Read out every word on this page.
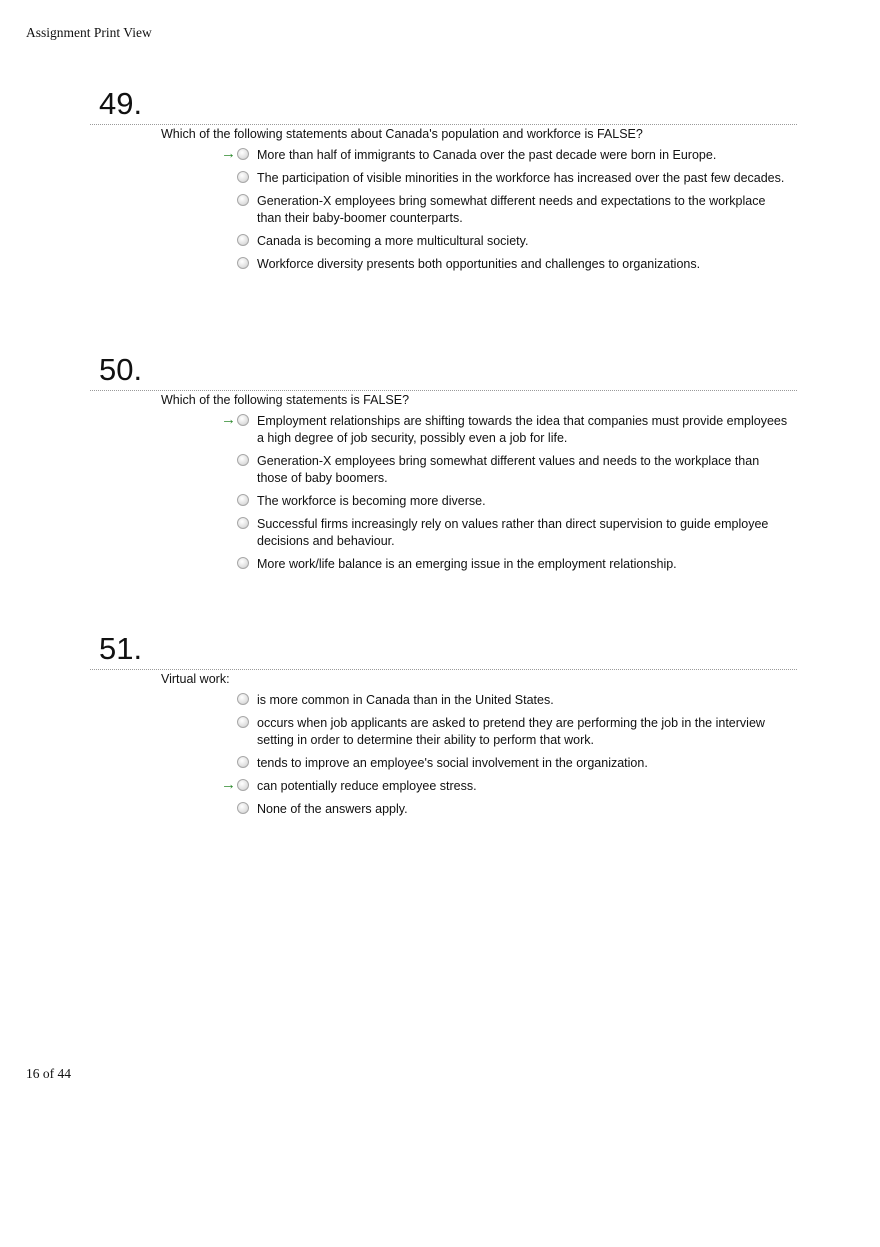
Assignment Print View
49.
Which of the following statements about Canada's population and workforce is FALSE?
→ More than half of immigrants to Canada over the past decade were born in Europe.
The participation of visible minorities in the workforce has increased over the past few decades.
Generation-X employees bring somewhat different needs and expectations to the workplace than their baby-boomer counterparts.
Canada is becoming a more multicultural society.
Workforce diversity presents both opportunities and challenges to organizations.
50.
Which of the following statements is FALSE?
→ Employment relationships are shifting towards the idea that companies must provide employees a high degree of job security, possibly even a job for life.
Generation-X employees bring somewhat different values and needs to the workplace than those of baby boomers.
The workforce is becoming more diverse.
Successful firms increasingly rely on values rather than direct supervision to guide employee decisions and behaviour.
More work/life balance is an emerging issue in the employment relationship.
51.
Virtual work:
is more common in Canada than in the United States.
occurs when job applicants are asked to pretend they are performing the job in the interview setting in order to determine their ability to perform that work.
tends to improve an employee's social involvement in the organization.
→ can potentially reduce employee stress.
None of the answers apply.
16 of 44
